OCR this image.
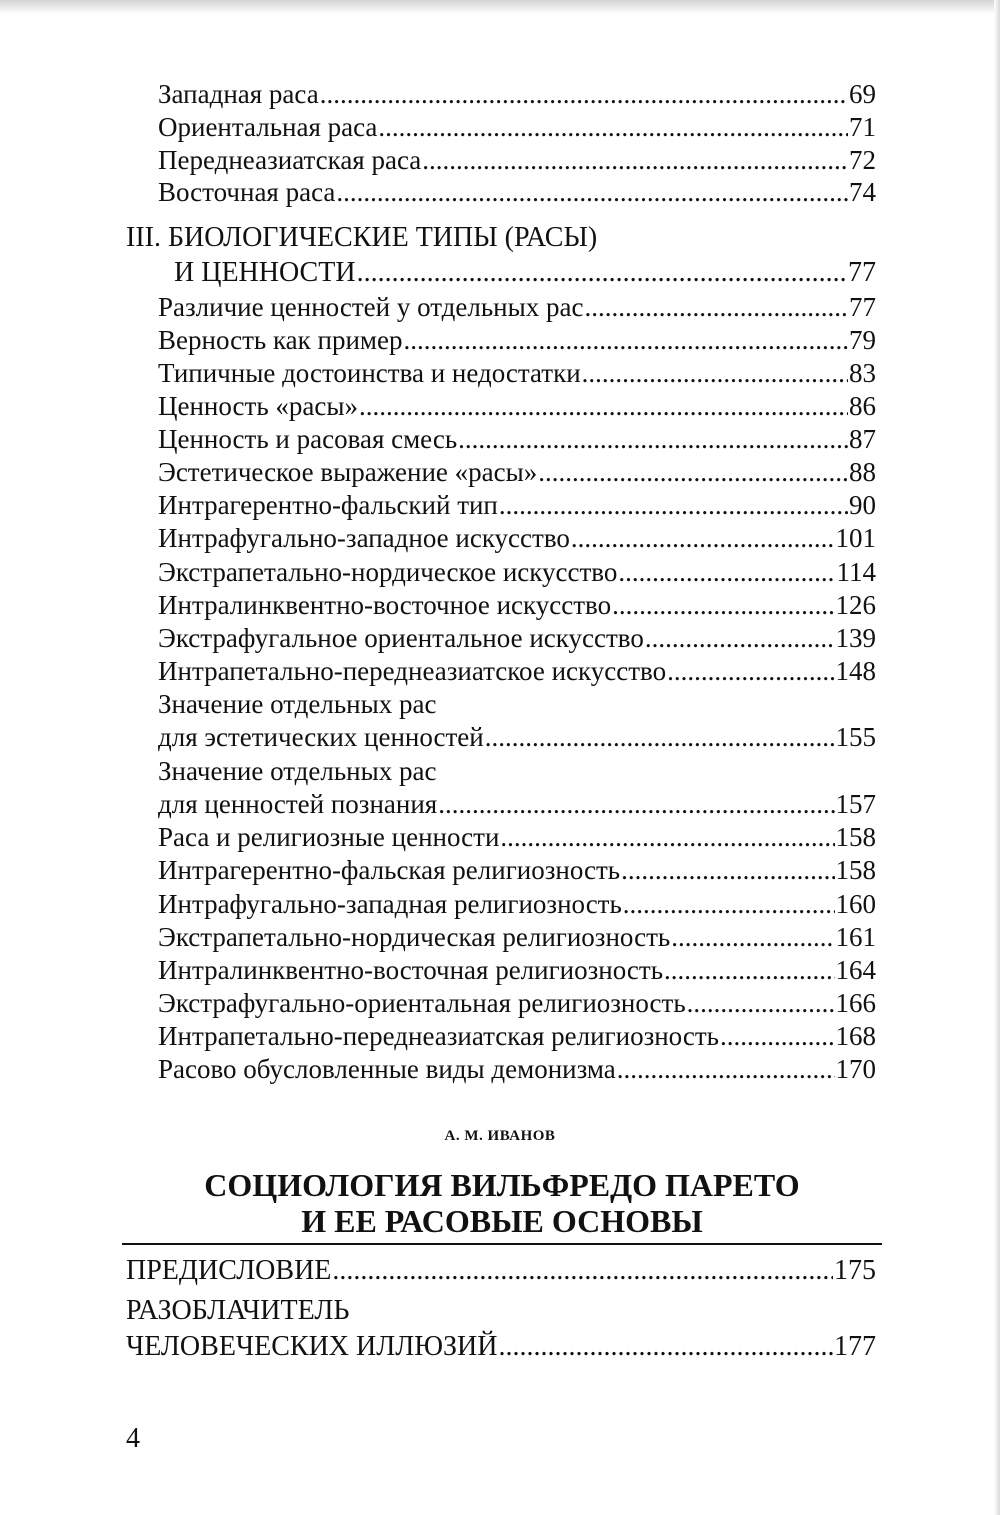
Западная раса .....	69
Ориентальная раса .....	71
Переднеазиатская раса .....	72
Восточная раса .....	74
III. БИОЛОГИЧЕСКИЕ ТИПЫ (РАСЫ)
И ЦЕННОСТИ .....	77
Различие ценностей у отдельных рас .....	77
Верность как пример .....	79
Типичные достоинства и недостатки .....	83
Ценность «расы» .....	86
Ценность и расовая смесь .....	87
Эстетическое выражение «расы» .....	88
Интрагерентно-фальский тип .....	90
Интрафугально-западное искусство .....	101
Экстрапетально-нордическое искусство .....	114
Интралинквентно-восточное искусство .....	126
Экстрафугальное ориентальное искусство .....	139
Интрапетально-переднеазиатское искусство .....	148
Значение отдельных рас
для эстетических ценностей .....	155
Значение отдельных рас
для ценностей познания .....	157
Раса и религиозные ценности .....	158
Интрагерентно-фальская религиозность .....	158
Интрафугально-западная религиозность .....	160
Экстрапетально-нордическая религиозность .....	161
Интралинквентно-восточная религиозность .....	164
Экстрафугально-ориентальная религиозность .....	166
Интрапетально-переднеазиатская религиозность .....	168
Расово обусловленные виды демонизма .....	170
А. М. ИВАНОВ
СОЦИОЛОГИЯ ВИЛЬФРЕДО ПАРЕТО
И ЕЕ РАСОВЫЕ ОСНОВЫ
ПРЕДИСЛОВИЕ .....	175
РАЗОБЛАЧИТЕЛЬ
ЧЕЛОВЕЧЕСКИХ ИЛЛЮЗИЙ .....	177
4
